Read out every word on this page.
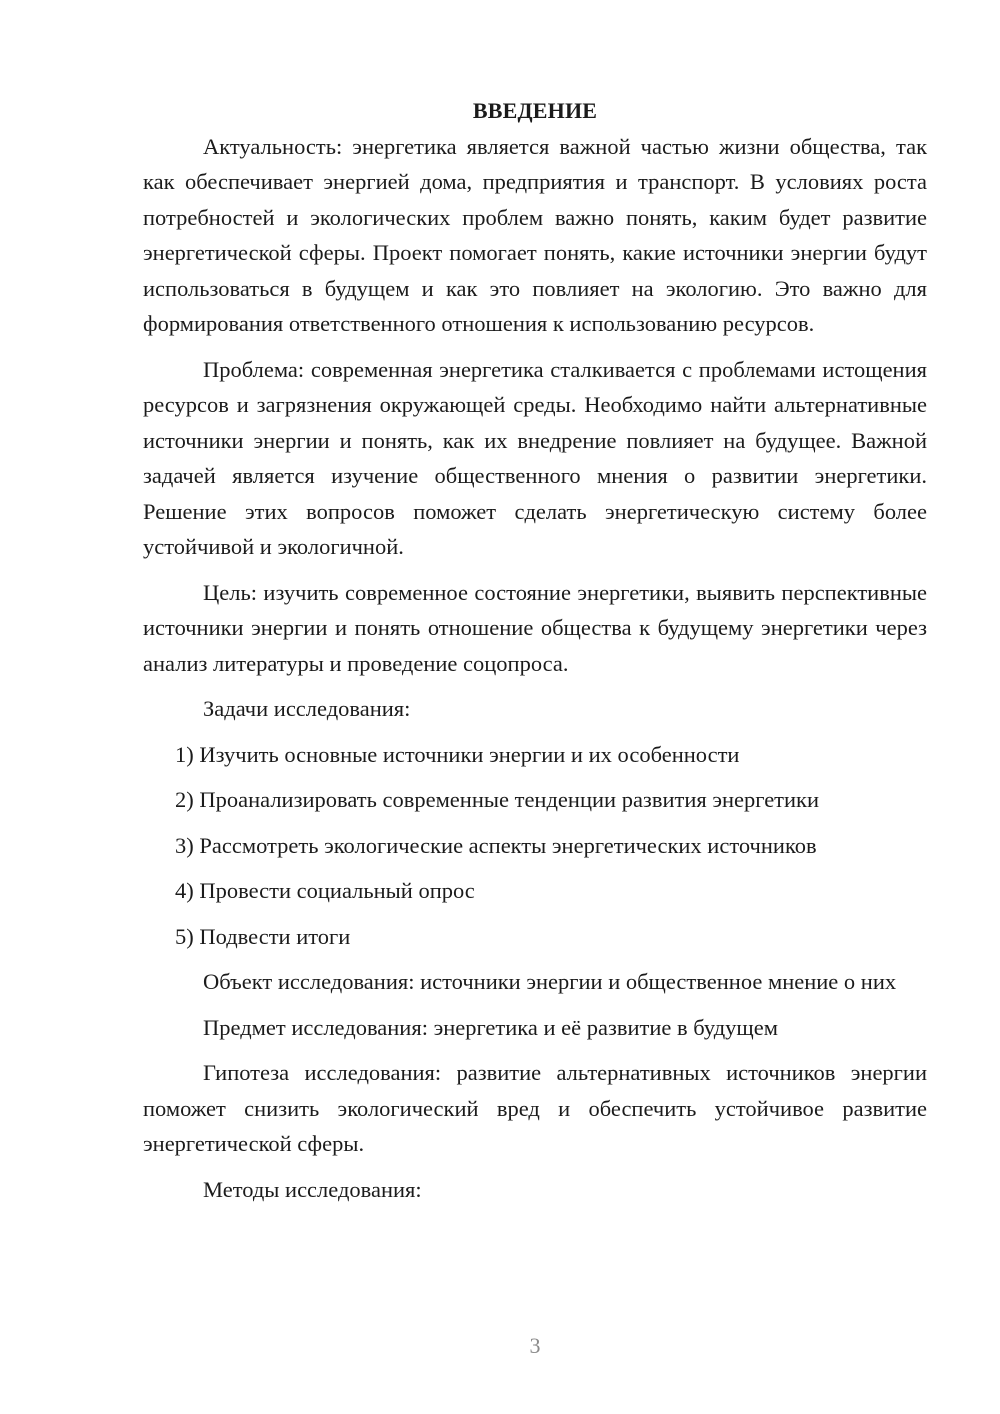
ВВЕДЕНИЕ

Актуальность: энергетика является важной частью жизни общества, так как обеспечивает энергией дома, предприятия и транспорт. В условиях роста потребностей и экологических проблем важно понять, каким будет развитие энергетической сферы. Проект помогает понять, какие источники энергии будут использоваться в будущем и как это повлияет на экологию. Это важно для формирования ответственного отношения к использованию ресурсов.

Проблема: современная энергетика сталкивается с проблемами истощения ресурсов и загрязнения окружающей среды. Необходимо найти альтернативные источники энергии и понять, как их внедрение повлияет на будущее. Важной задачей является изучение общественного мнения о развитии энергетики. Решение этих вопросов поможет сделать энергетическую систему более устойчивой и экологичной.

Цель: изучить современное состояние энергетики, выявить перспективные источники энергии и понять отношение общества к будущему энергетики через анализ литературы и проведение соцопроса.

Задачи исследования:

1) Изучить основные источники энергии и их особенности

2) Проанализировать современные тенденции развития энергетики

3) Рассмотреть экологические аспекты энергетических источников

4) Провести социальный опрос

5) Подвести итоги

Объект исследования: источники энергии и общественное мнение о них

Предмет исследования: энергетика и её развитие в будущем

Гипотеза исследования: развитие альтернативных источников энергии поможет снизить экологический вред и обеспечить устойчивое развитие энергетической сферы.

Методы исследования:

3
